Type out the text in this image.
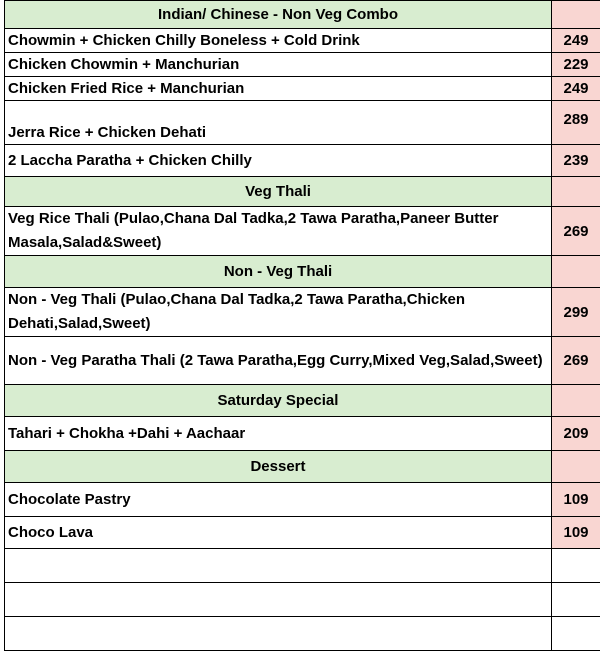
Indian/ Chinese - Non Veg Combo	
Chowmin + Chicken Chilly Boneless + Cold Drink	249
Chicken Chowmin + Manchurian	229
Chicken Fried Rice + Manchurian	249
Jerra Rice + Chicken Dehati	289
2 Laccha Paratha + Chicken Chilly	239
Veg Thali	
Veg Rice Thali (Pulao,Chana Dal Tadka,2 Tawa Paratha,Paneer Butter Masala,Salad&Sweet)	269
Non - Veg Thali	
Non - Veg Thali (Pulao,Chana Dal Tadka,2 Tawa Paratha,Chicken Dehati,Salad,Sweet)	299
Non - Veg Paratha Thali (2 Tawa Paratha,Egg Curry,Mixed Veg,Salad,Sweet)	269
Saturday Special	
Tahari + Chokha +Dahi + Aachaar	209
Dessert	
Chocolate Pastry	109
Choco Lava	109
